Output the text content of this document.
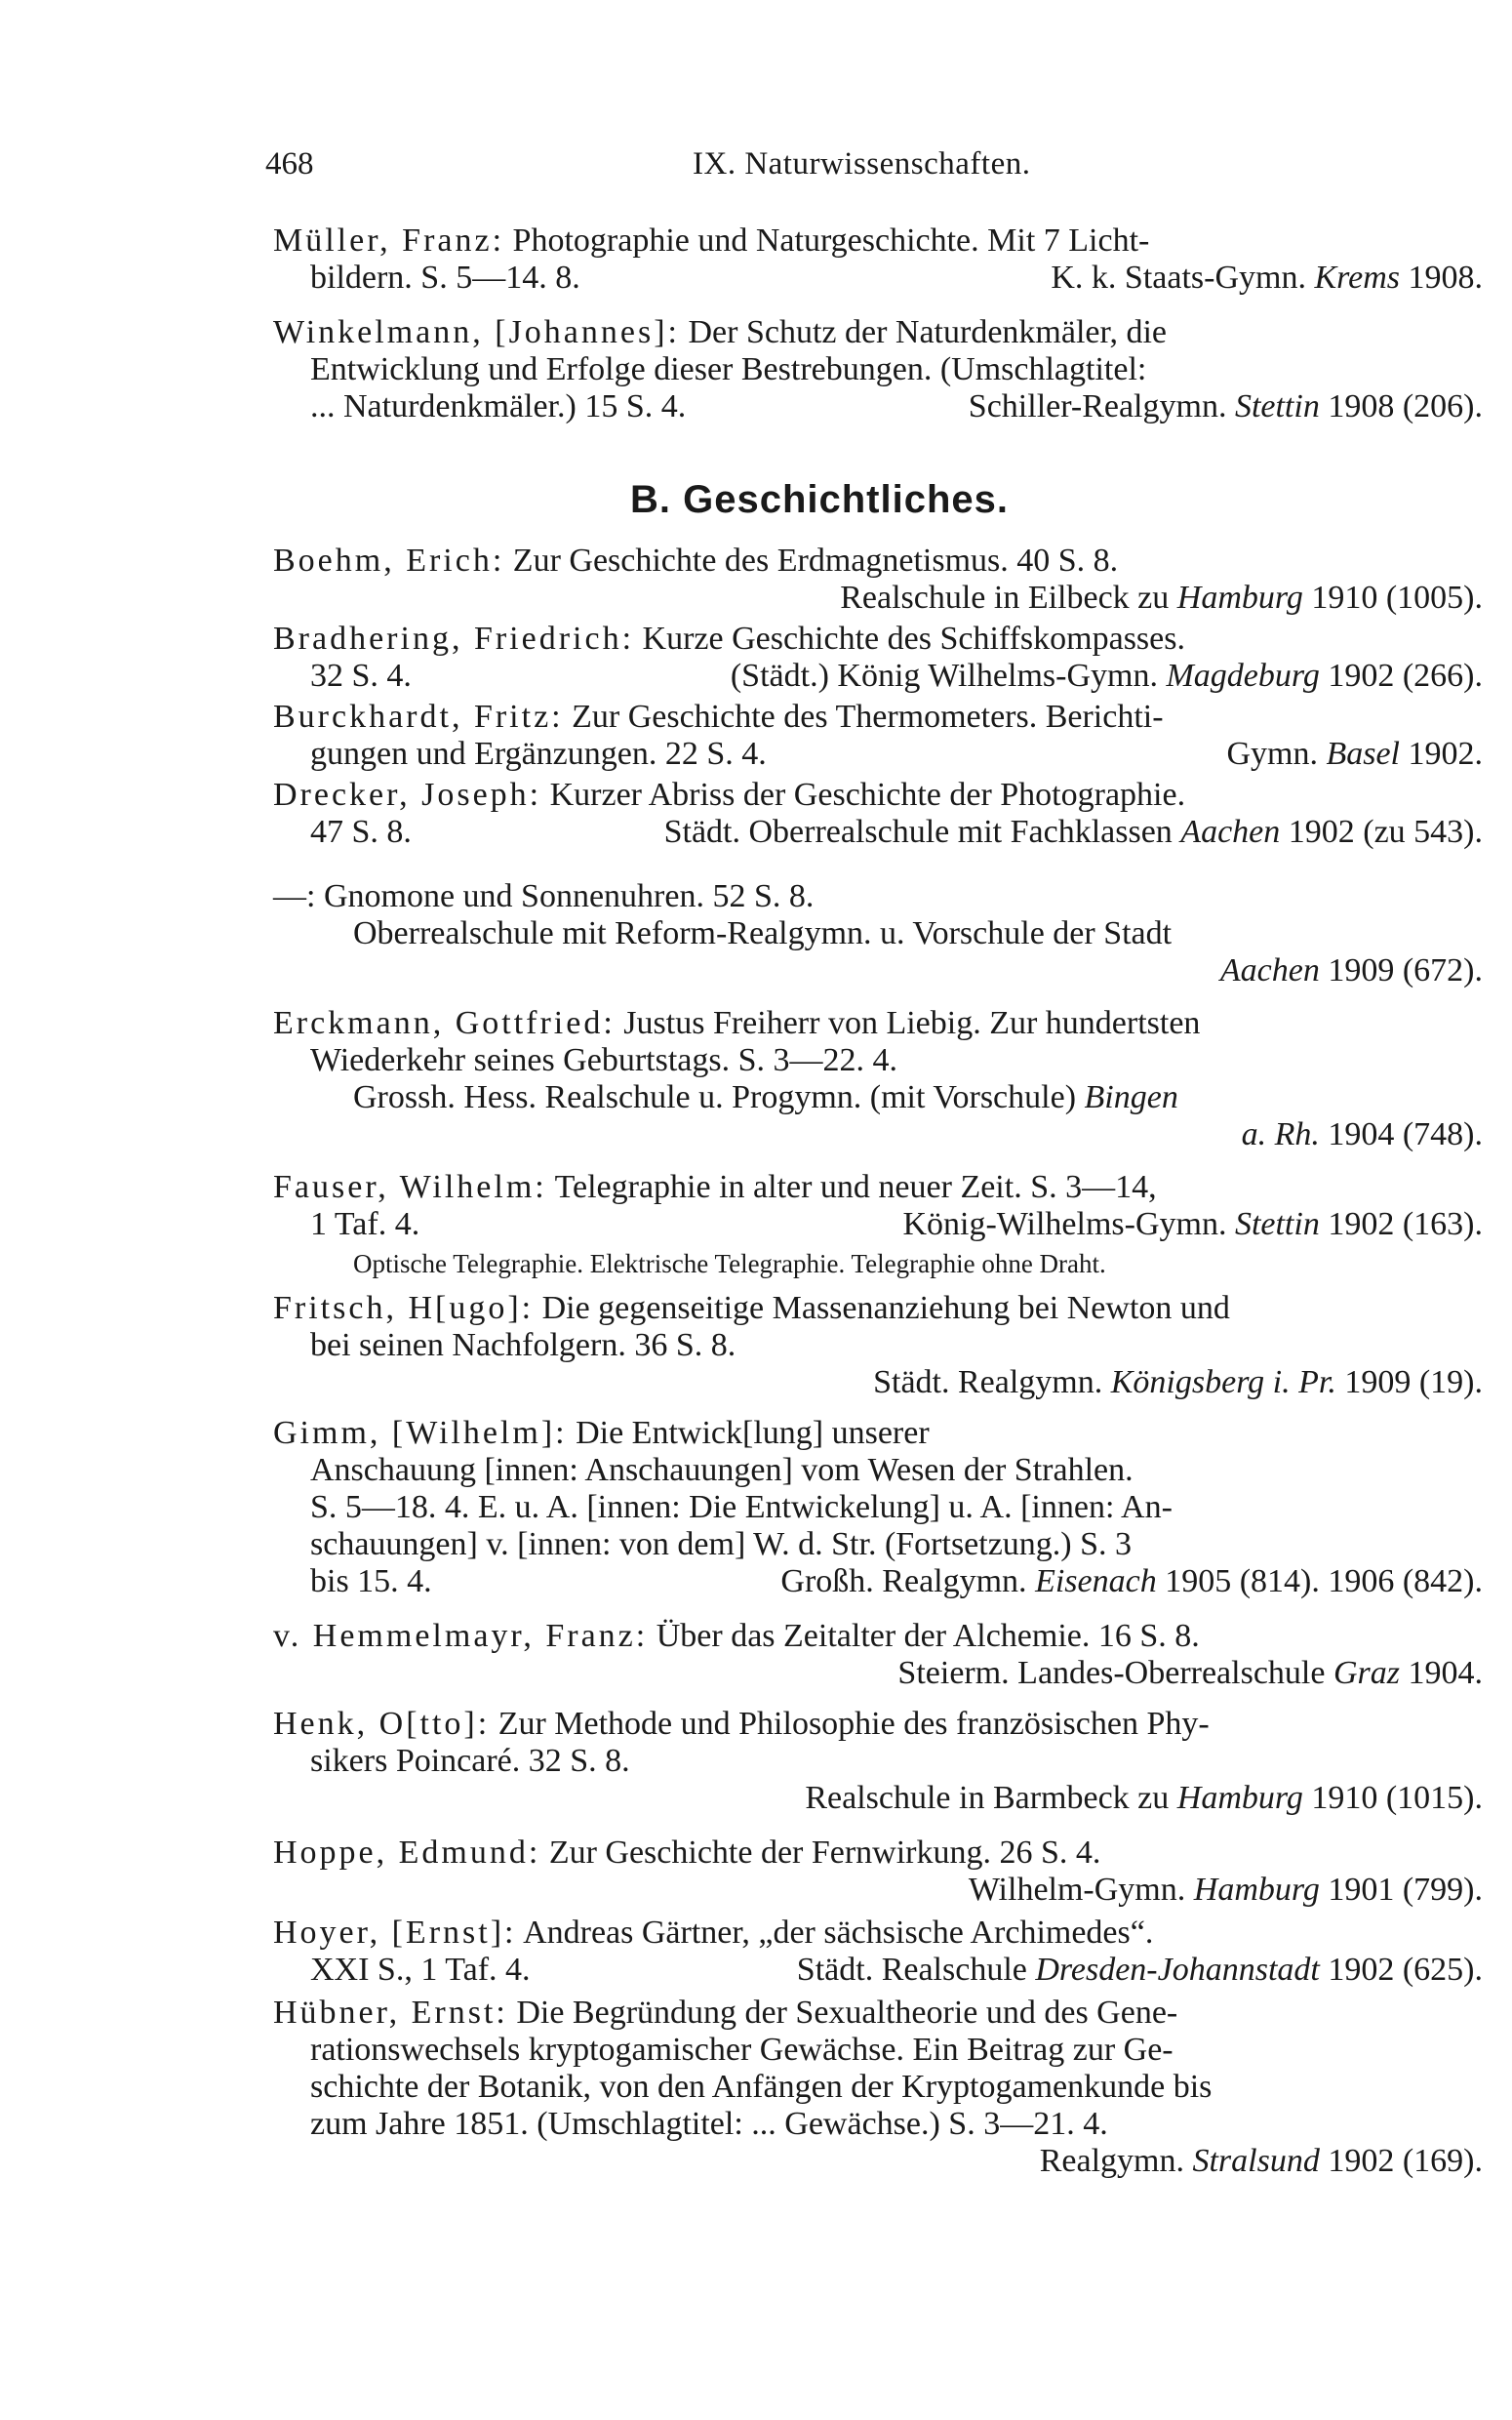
468	IX. Naturwissenschaften.
Müller, Franz: Photographie und Naturgeschichte. Mit 7 Licht-
bildern. S. 5—14. 8.	K. k. Staats-Gymn. Krems 1908.
Winkelmann, [Johannes]: Der Schutz der Naturdenkmäler, die
Entwicklung und Erfolge dieser Bestrebungen. (Umschlagtitel:
... Naturdenkmäler.) 15 S. 4.	Schiller-Realgymn. Stettin 1908 (206).
B. Geschichtliches.
Boehm, Erich: Zur Geschichte des Erdmagnetismus. 40 S. 8.
Realschule in Eilbeck zu Hamburg 1910 (1005).
Bradhering, Friedrich: Kurze Geschichte des Schiffskompasses.
32 S. 4.	(Städt.) König Wilhelms-Gymn. Magdeburg 1902 (266).
Burckhardt, Fritz: Zur Geschichte des Thermometers. Berichti-
gungen und Ergänzungen. 22 S. 4.	Gymn. Basel 1902.
Drecker, Joseph: Kurzer Abriss der Geschichte der Photographie.
47 S. 8.	Städt. Oberrealschule mit Fachklassen Aachen 1902 (zu 543).
—: Gnomone und Sonnenuhren. 52 S. 8.
Oberrealschule mit Reform-Realgymn. u. Vorschule der Stadt
Aachen 1909 (672).
Erckmann, Gottfried: Justus Freiherr von Liebig. Zur hundertsten
Wiederkehr seines Geburtstags. S. 3—22. 4.
Grossh. Hess. Realschule u. Progymn. (mit Vorschule) Bingen
a. Rh. 1904 (748).
Fauser, Wilhelm: Telegraphie in alter und neuer Zeit. S. 3—14,
1 Taf. 4.	König-Wilhelms-Gymn. Stettin 1902 (163).
Optische Telegraphie. Elektrische Telegraphie. Telegraphie ohne Draht.
Fritsch, H[ugo]: Die gegenseitige Massenanziehung bei Newton und
bei seinen Nachfolgern. 36 S. 8.
Städt. Realgymn. Königsberg i. Pr. 1909 (19).
Gimm, [Wilhelm]: Die Entwick[lung] unserer
Anschauung [innen: Anschauungen] vom Wesen der Strahlen.
S. 5—18. 4. E. u. A. [innen: Die Entwickelung] u. A. [innen: An-
schauungen] v. [innen: von dem] W. d. Str. (Fortsetzung.) S. 3
bis 15. 4.	Großh. Realgymn. Eisenach 1905 (814). 1906 (842).
v. Hemmelmayr, Franz: Über das Zeitalter der Alchemie. 16 S. 8.
Steierm. Landes-Oberrealschule Graz 1904.
Henk, O[tto]: Zur Methode und Philosophie des französischen Phy-
sikers Poincaré. 32 S. 8.
Realschule in Barmbeck zu Hamburg 1910 (1015).
Hoppe, Edmund: Zur Geschichte der Fernwirkung. 26 S. 4.
Wilhelm-Gymn. Hamburg 1901 (799).
Hoyer, [Ernst]: Andreas Gärtner, „der sächsische Archimedes“.
XXI S., 1 Taf. 4.	Städt. Realschule Dresden-Johannstadt 1902 (625).
Hübner, Ernst: Die Begründung der Sexualtheorie und des Gene-
rationswechsels kryptogamischer Gewächse. Ein Beitrag zur Ge-
schichte der Botanik, von den Anfängen der Kryptogamenkunde bis
zum Jahre 1851. (Umschlagtitel: ... Gewächse.) S. 3—21. 4.
Realgymn. Stralsund 1902 (169).
